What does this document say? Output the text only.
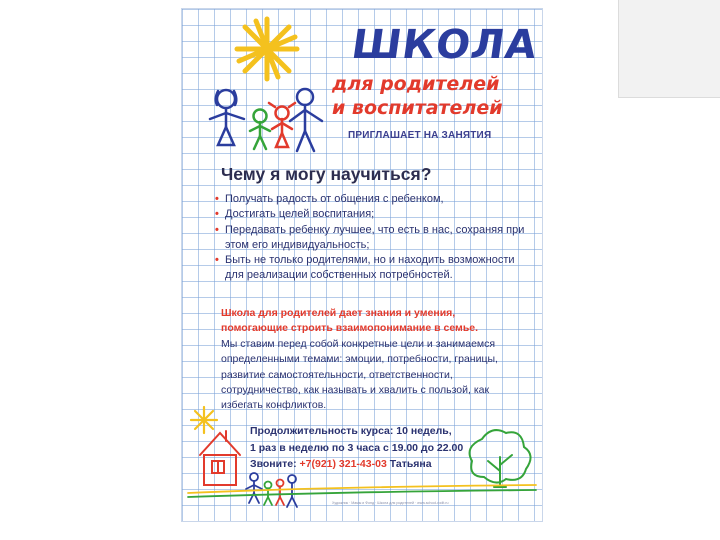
ШКОЛА

для родителей

и воспитателей

ПРИГЛАШАЕТ НА ЗАНЯТИЯ

Чему я могу научиться?

• Получать радость от общения с ребенком,
• Достигать целей воспитания;
• Передавать ребенку лучшее, что есть в нас, сохраняя при этом его индивидуальность;
• Быть не только родителями, но и находить возможности для реализации собственных потребностей.

Школа для родителей дает знания и умения, помогающие строить взаимопонимание в семье.

Мы ставим перед собой конкретные цели и занимаемся определенными темами: эмоции, потребности, границы, развитие самостоятельности, ответственности, сотрудничество, как называть и хвалить с пользой, как избегать конфликтов.

Продолжительность курса: 10 недель,
1 раз в неделю по 3 часа с 19.00 до 22.00
Звоните: +7(921) 321-43-03 Татьяна

Художник · Мамы и Фонд · Школа для родителей · www.school-rodit.ru
